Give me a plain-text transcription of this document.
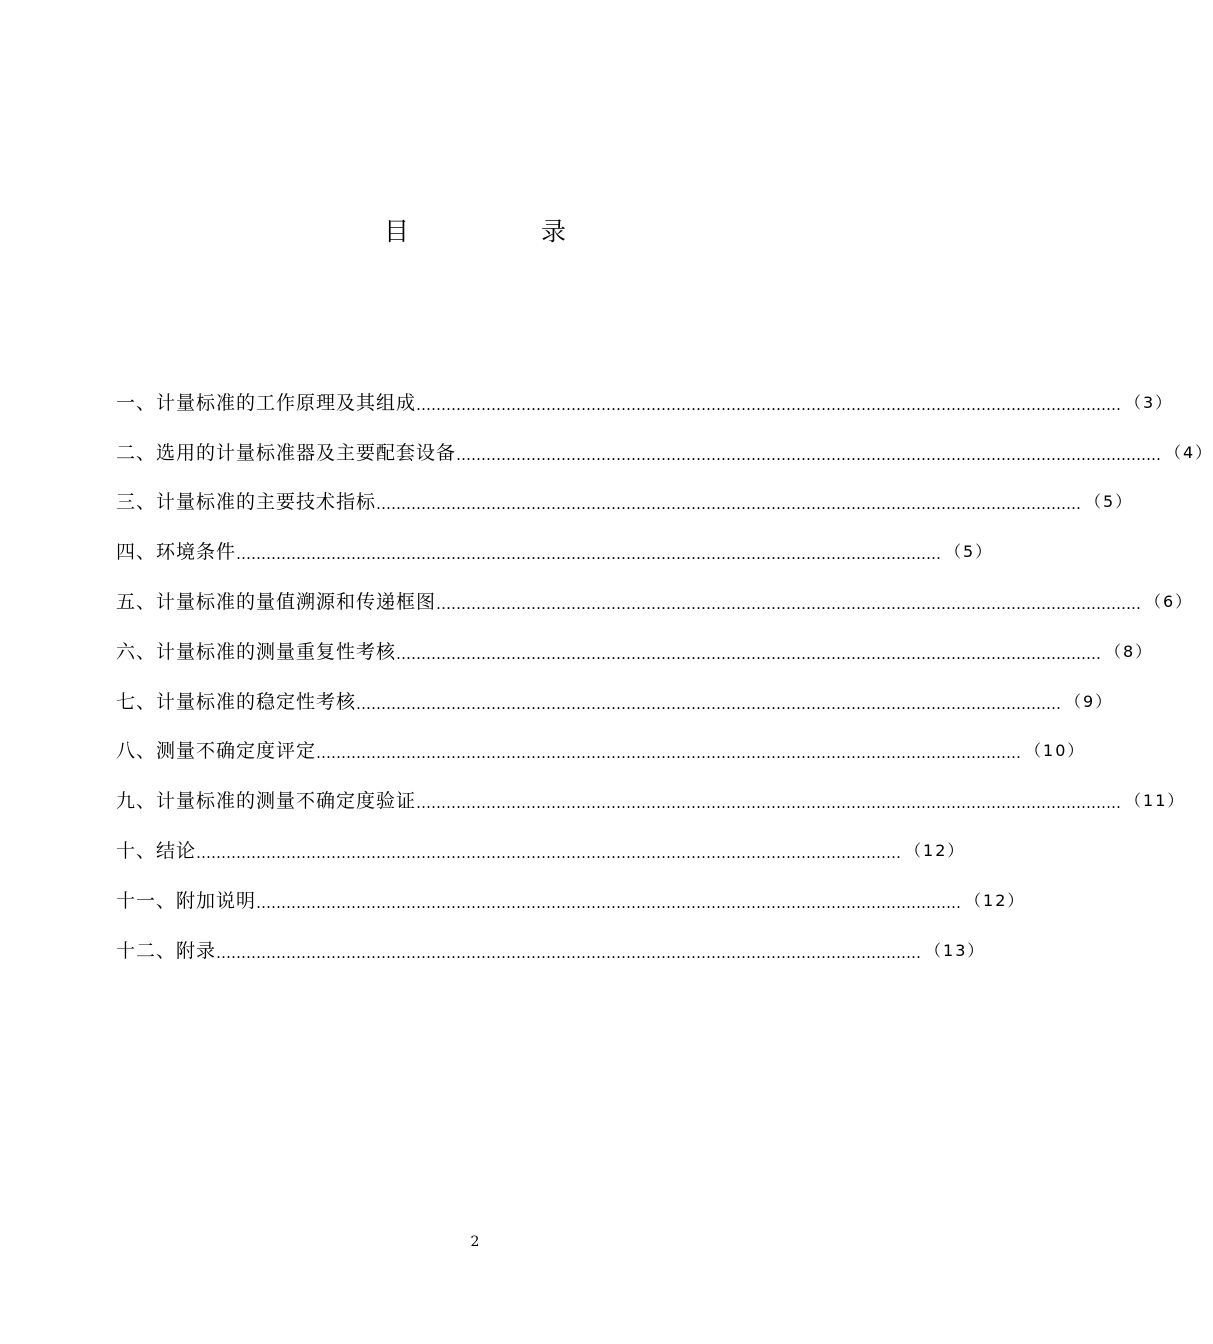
目 录
一、计量标准的工作原理及其组成 …………………………………………………………………………………………………………………………… （3）
二、选用的计量标准器及主要配套设备 …………………………………………………………………………………………………………………………… （4）
三、计量标准的主要技术指标 …………………………………………………………………………………………………………………………… （5）
四、环境条件 …………………………………………………………………………………………………………………………… （5）
五、计量标准的量值溯源和传递框图 …………………………………………………………………………………………………………………………… （6）
六、计量标准的测量重复性考核 …………………………………………………………………………………………………………………………… （8）
七、计量标准的稳定性考核 …………………………………………………………………………………………………………………………… （9）
八、测量不确定度评定 …………………………………………………………………………………………………………………………… （10）
九、计量标准的测量不确定度验证 …………………………………………………………………………………………………………………………… （11）
十、结论 …………………………………………………………………………………………………………………………… （12）
十一、附加说明 …………………………………………………………………………………………………………………………… （12）
十二、附录 …………………………………………………………………………………………………………………………… （13）
2
